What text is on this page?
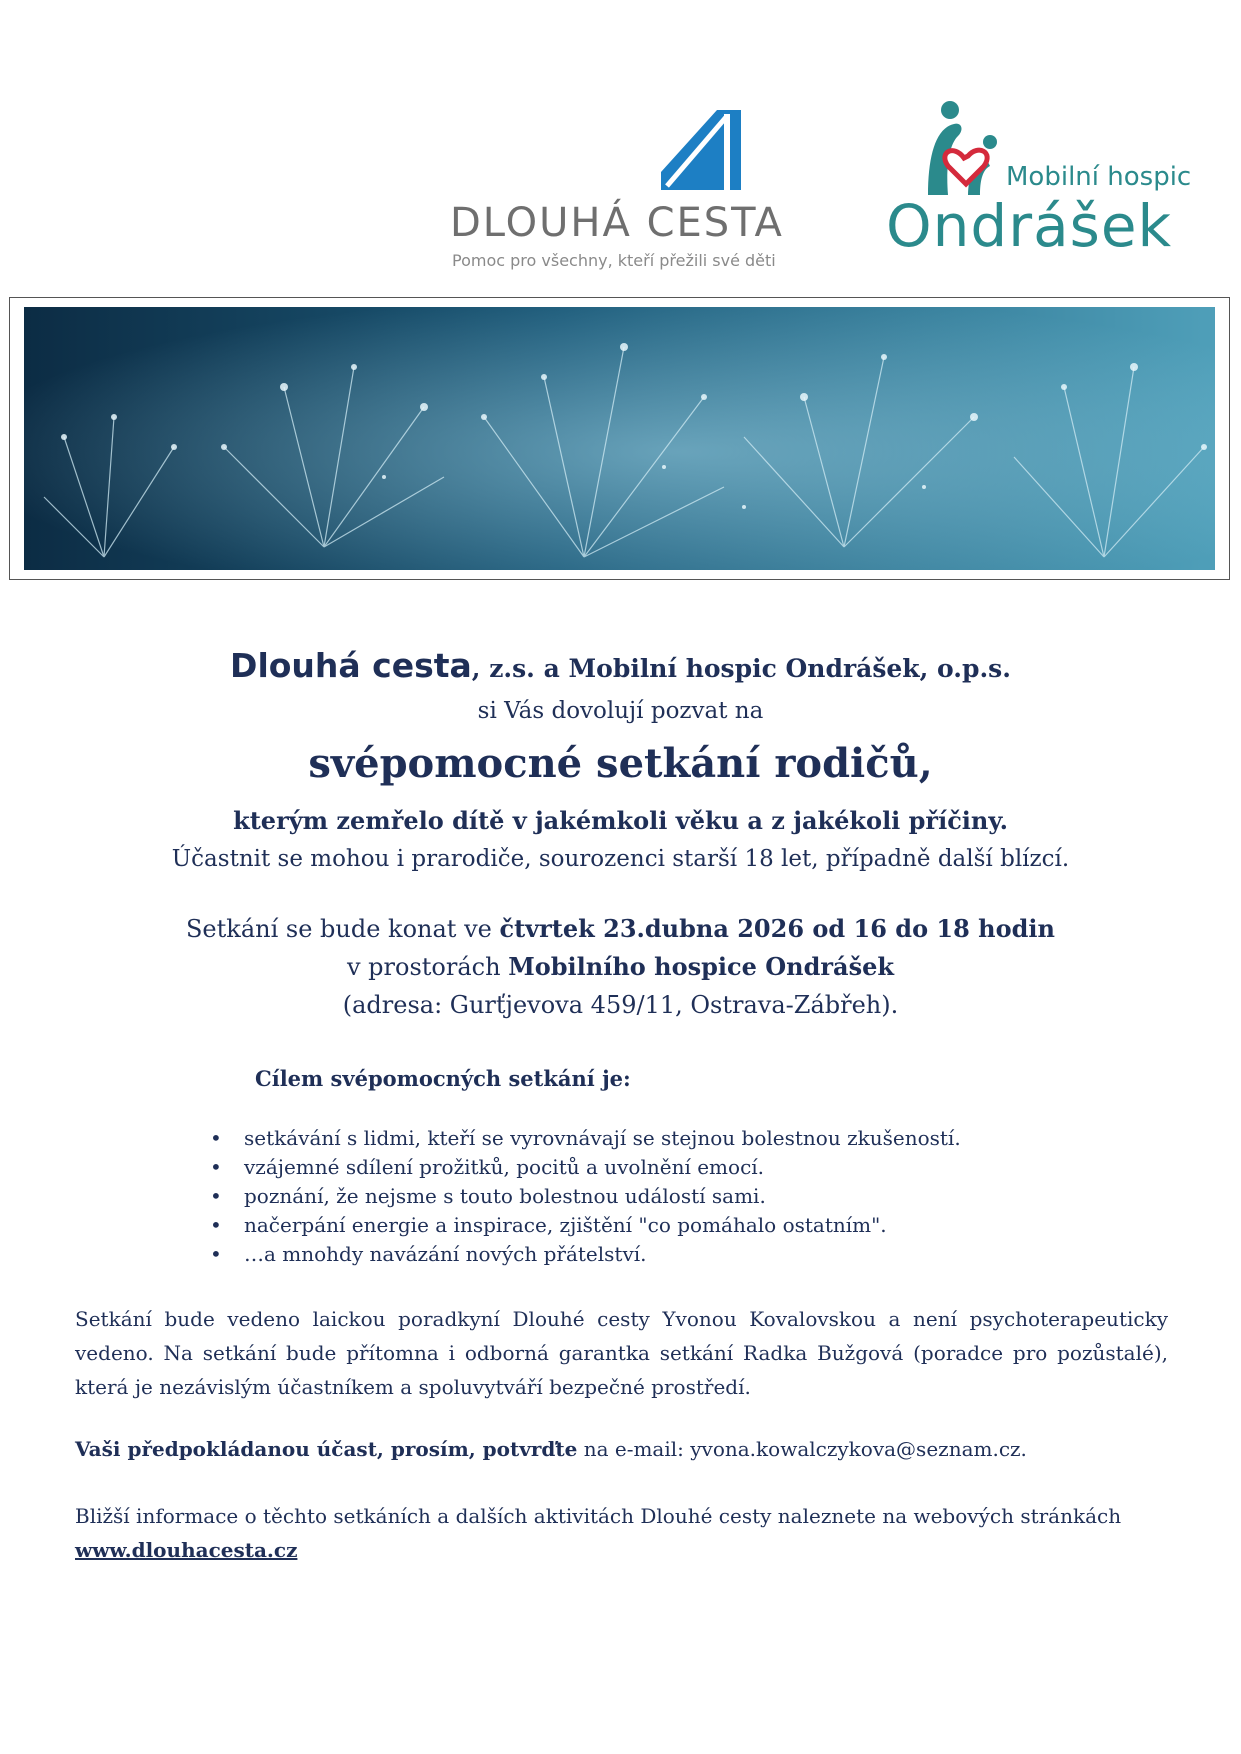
DLOUHÁ CESTA
Pomoc pro všechny, kteří přežili své děti
Mobilní hospic
Ondrášek
Dlouhá cesta, z.s. a Mobilní hospic Ondrášek, o.p.s.
si Vás dovolují pozvat na
svépomocné setkání rodičů,
kterým zemřelo dítě v jakémkoli věku a z jakékoli příčiny.
Účastnit se mohou i prarodiče, sourozenci starší 18 let, případně další blízcí.
Setkání se bude konat ve čtvrtek 23.dubna 2026 od 16 do 18 hodin
v prostorách Mobilního hospice Ondrášek
(adresa: Gurťjevova 459/11, Ostrava-Zábřeh).
Cílem svépomocných setkání je:
• setkávání s lidmi, kteří se vyrovnávají se stejnou bolestnou zkušeností.
• vzájemné sdílení prožitků, pocitů a uvolnění emocí.
• poznání, že nejsme s touto bolestnou událostí sami.
• načerpání energie a inspirace, zjištění "co pomáhalo ostatním".
• …a mnohdy navázání nových přátelství.
Setkání bude vedeno laickou poradkyní Dlouhé cesty Yvonou Kovalovskou a není psychoterapeuticky vedeno. Na setkání bude přítomna i odborná garantka setkání Radka Bužgová (poradce pro pozůstalé), která je nezávislým účastníkem a spoluvytváří bezpečné prostředí.
Vaši předpokládanou účast, prosím, potvrďte na e-mail: yvona.kowalczykova@seznam.cz.
Bližší informace o těchto setkáních a dalších aktivitách Dlouhé cesty naleznete na webových stránkách
www.dlouhacesta.cz
